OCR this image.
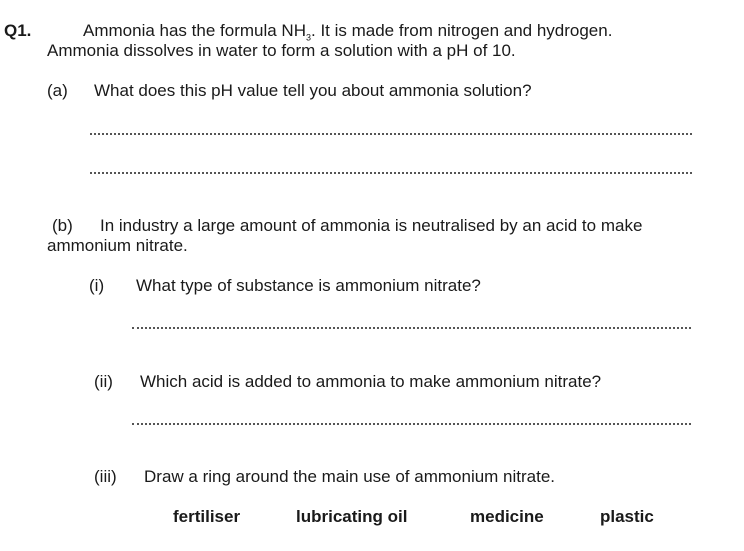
Q1.	Ammonia has the formula $NH_3$. It is made from nitrogen and hydrogen.
Ammonia dissolves in water to form a solution with a pH of 10.
(a) What does this pH value tell you about ammonia solution?
(b) In industry a large amount of ammonia is neutralised by an acid to make
ammonium nitrate.
(i) What type of substance is ammonium nitrate?
(ii) Which acid is added to ammonia to make ammonium nitrate?
(iii) Draw a ring around the main use of ammonium nitrate.
fertiliser	lubricating oil	medicine	plastic
